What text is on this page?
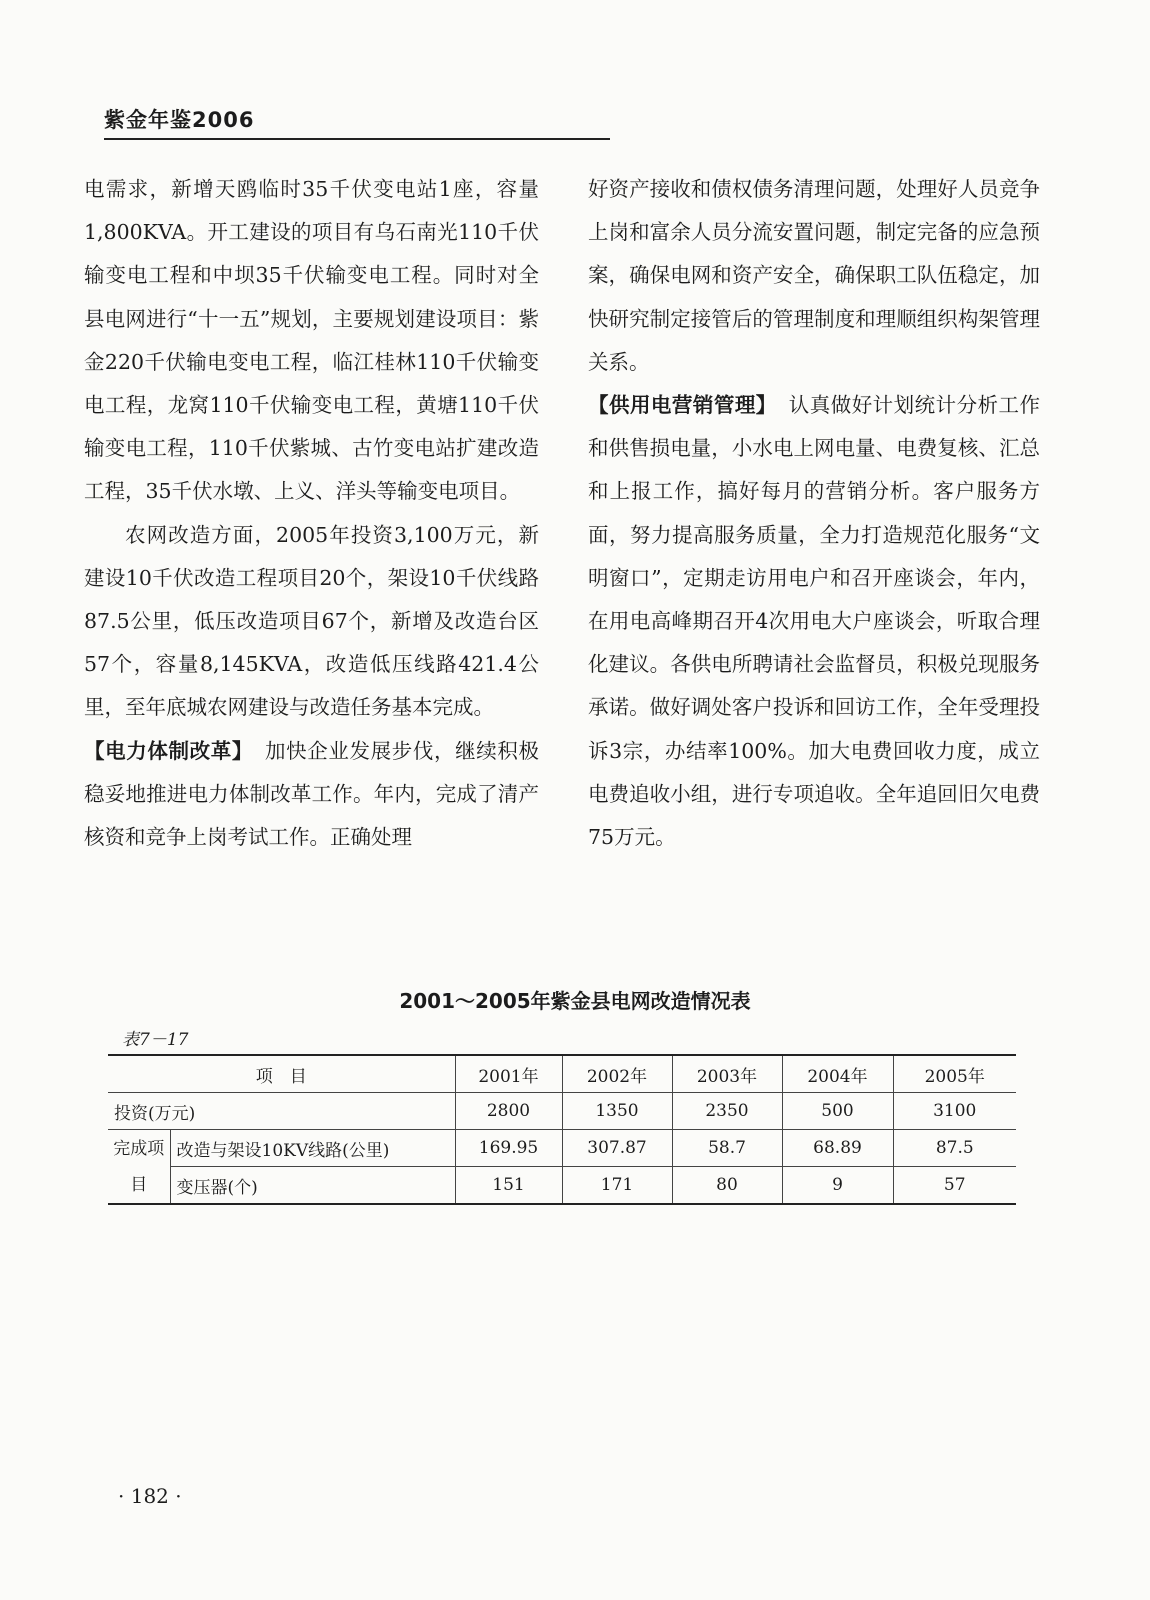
紫金年鉴2006

电需求，新增天鸥临时35千伏变电站1座，容量1,800KVA。开工建设的项目有乌石南光110千伏输变电工程和中坝35千伏输变电工程。同时对全县电网进行“十一五”规划，主要规划建设项目：紫金220千伏输电变电工程，临江桂林110千伏输变电工程，龙窝110千伏输变电工程，黄塘110千伏输变电工程，110千伏紫城、古竹变电站扩建改造工程，35千伏水墩、上义、洋头等输变电项目。

农网改造方面，2005年投资3,100万元，新建设10千伏改造工程项目20个，架设10千伏线路87.5公里，低压改造项目67个，新增及改造台区57个，容量8,145KVA，改造低压线路421.4公里，至年底城农网建设与改造任务基本完成。

【电力体制改革】 加快企业发展步伐，继续积极稳妥地推进电力体制改革工作。年内，完成了清产核资和竞争上岗考试工作。正确处理

好资产接收和债权债务清理问题，处理好人员竞争上岗和富余人员分流安置问题，制定完备的应急预案，确保电网和资产安全，确保职工队伍稳定，加快研究制定接管后的管理制度和理顺组织构架管理关系。

【供用电营销管理】 认真做好计划统计分析工作和供售损电量，小水电上网电量、电费复核、汇总和上报工作，搞好每月的营销分析。客户服务方面，努力提高服务质量，全力打造规范化服务“文明窗口”，定期走访用电户和召开座谈会，年内，在用电高峰期召开4次用电大户座谈会，听取合理化建议。各供电所聘请社会监督员，积极兑现服务承诺。做好调处客户投诉和回访工作，全年受理投诉3宗，办结率100%。加大电费回收力度，成立电费追收小组，进行专项追收。全年追回旧欠电费75万元。

2001～2005年紫金县电网改造情况表
表7－17
项　目		2001年	2002年	2003年	2004年	2005年
投资(万元)		2800	1350	2350	500	3100
完成项目	改造与架设10KV线路(公里)	169.95	307.87	58.7	68.89	87.5
	变压器(个)	151	171	80	9	57
· 182 ·
